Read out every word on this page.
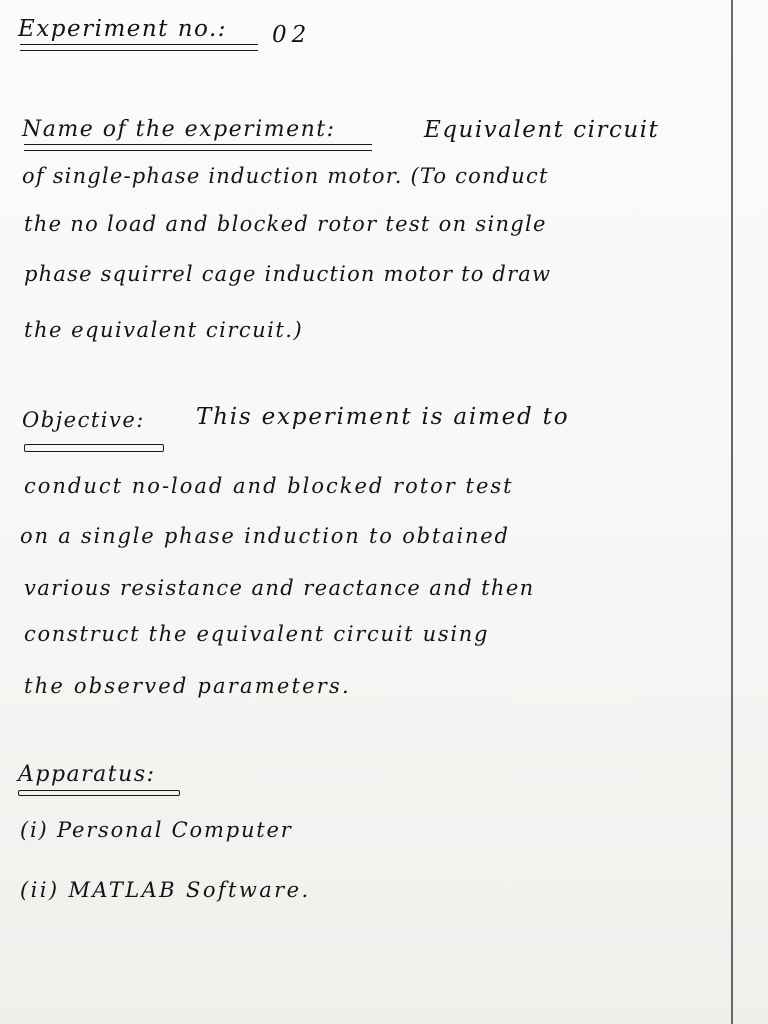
Experiment no.: 02
Name of the experiment:	Equivalent circuit
of single-phase induction motor. (To conduct
the no load and blocked rotor test on single
phase squirrel cage induction motor to draw
the equivalent circuit.)
Objective: This experiment is aimed to
conduct no-load and blocked rotor test
on a single phase induction to obtained
various resistance and reactance and then
construct the equivalent circuit using
the observed parameters.
Apparatus:
(i) Personal Computer
(ii) MATLAB Software.
